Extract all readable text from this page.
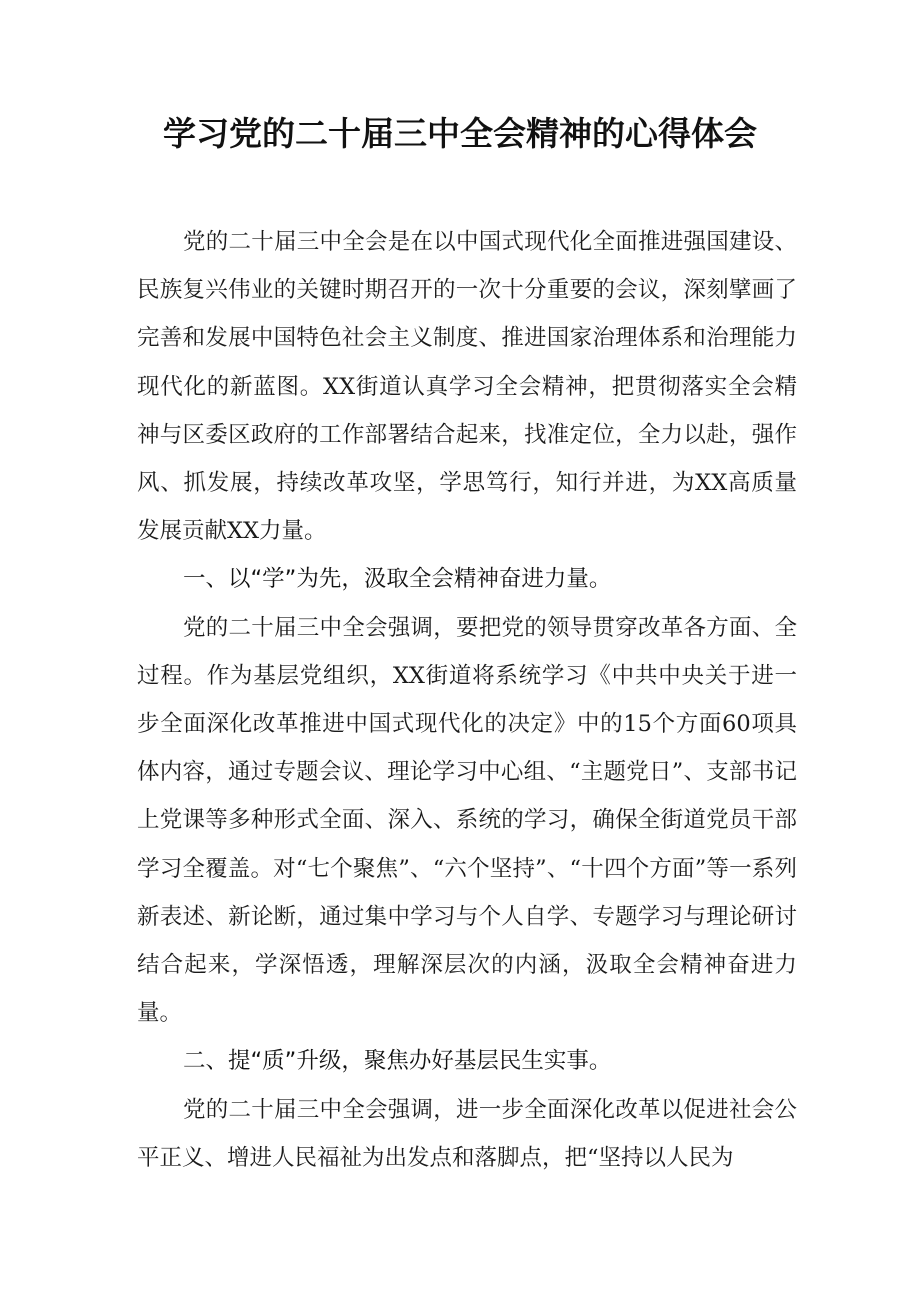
学习党的二十届三中全会精神的心得体会

党的二十届三中全会是在以中国式现代化全面推进强国建设、民族复兴伟业的关键时期召开的一次十分重要的会议，深刻擘画了完善和发展中国特色社会主义制度、推进国家治理体系和治理能力现代化的新蓝图。XX街道认真学习全会精神，把贯彻落实全会精神与区委区政府的工作部署结合起来，找准定位，全力以赴，强作风、抓发展，持续改革攻坚，学思笃行，知行并进，为XX高质量发展贡献XX力量。

一、以“学”为先，汲取全会精神奋进力量。

党的二十届三中全会强调，要把党的领导贯穿改革各方面、全过程。作为基层党组织，XX街道将系统学习《中共中央关于进一步全面深化改革推进中国式现代化的决定》中的15个方面60项具体内容，通过专题会议、理论学习中心组、“主题党日”、支部书记上党课等多种形式全面、深入、系统的学习，确保全街道党员干部学习全覆盖。对“七个聚焦”、“六个坚持”、“十四个方面”等一系列新表述、新论断，通过集中学习与个人自学、专题学习与理论研讨结合起来，学深悟透，理解深层次的内涵，汲取全会精神奋进力量。

二、提“质”升级，聚焦办好基层民生实事。

党的二十届三中全会强调，进一步全面深化改革以促进社会公平正义、增进人民福祉为出发点和落脚点，把“坚持以人民为
